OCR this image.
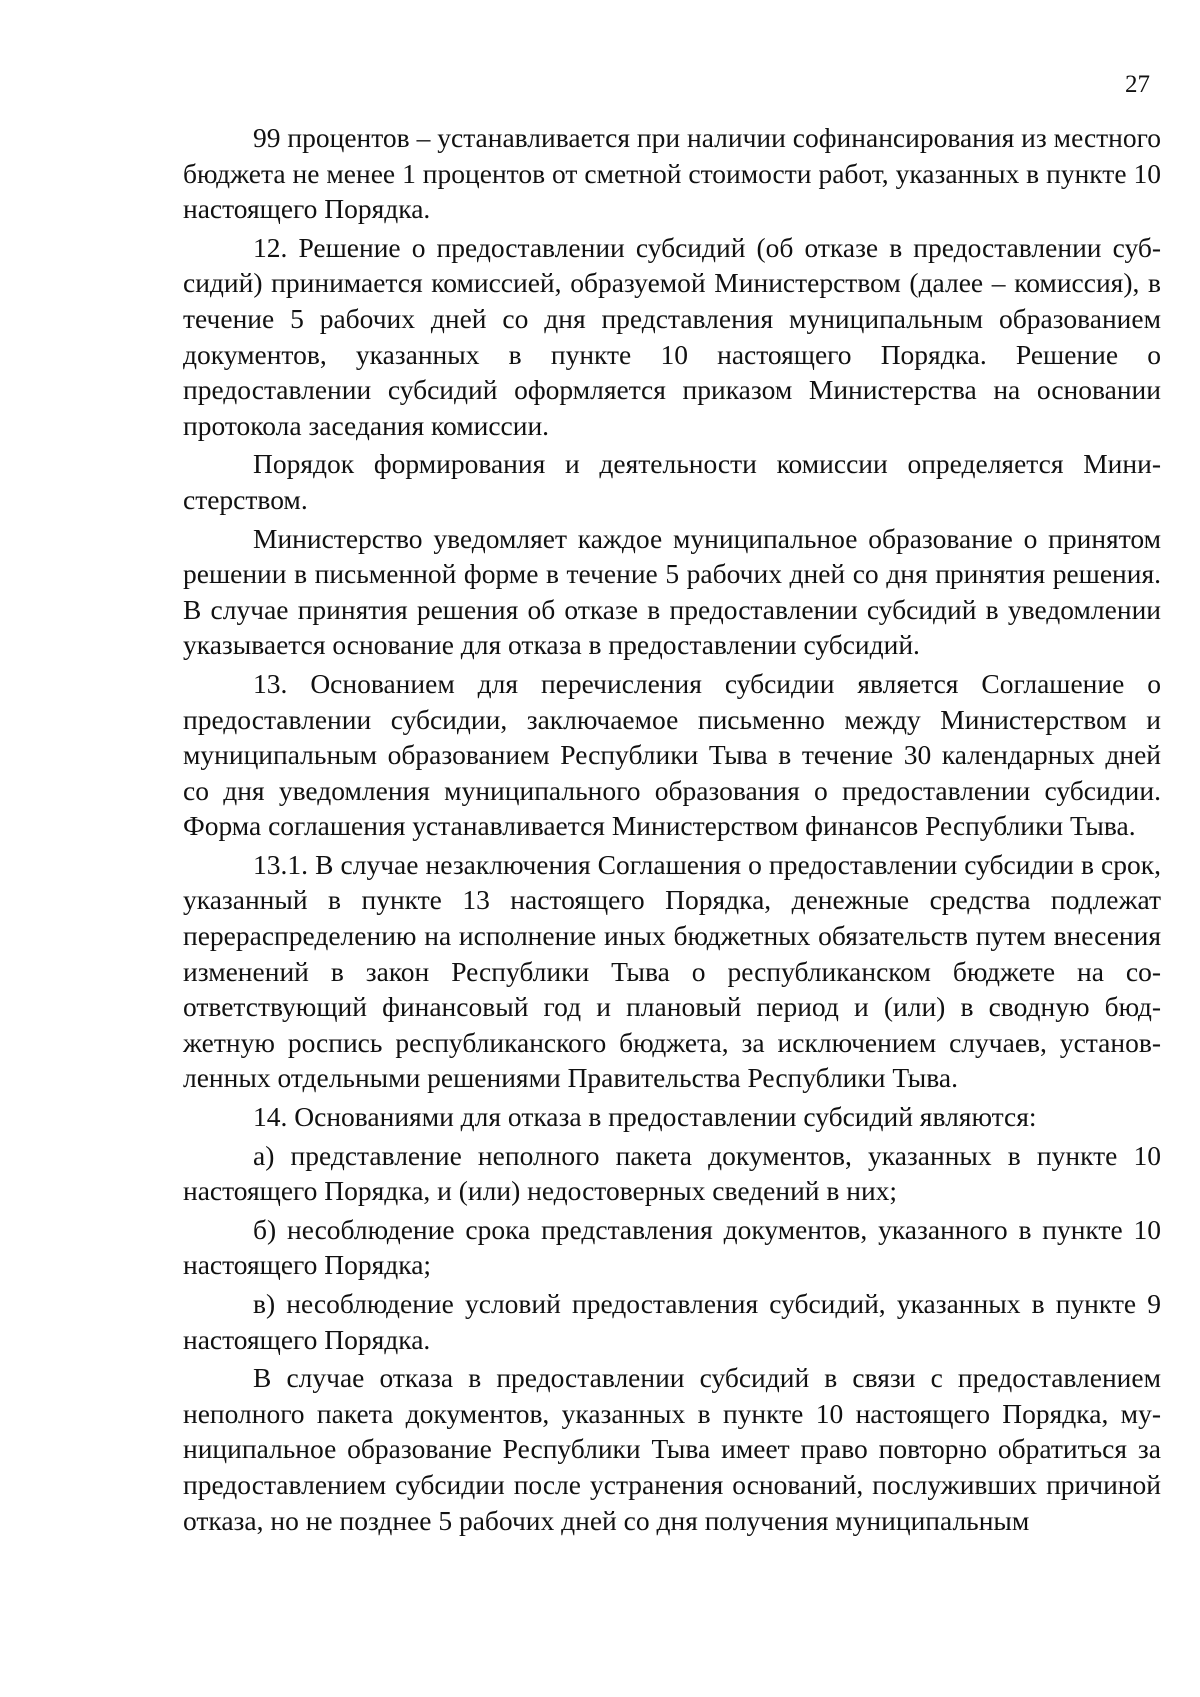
27

99 процентов – устанавливается при наличии софинансирования из местного бюджета не менее 1 процентов от сметной стоимости работ, указанных в пункте 10 настоящего Порядка.

12. Решение о предоставлении субсидий (об отказе в предоставлении субсидий) принимается комиссией, образуемой Министерством (далее – комиссия), в течение 5 рабочих дней со дня представления муниципальным образованием документов, указанных в пункте 10 настоящего Порядка. Решение о предоставлении субсидий оформляется приказом Министерства на основании протокола заседания комиссии.

Порядок формирования и деятельности комиссии определяется Министерством.

Министерство уведомляет каждое муниципальное образование о принятом решении в письменной форме в течение 5 рабочих дней со дня принятия решения. В случае принятия решения об отказе в предоставлении субсидий в уведомлении указывается основание для отказа в предоставлении субсидий.

13. Основанием для перечисления субсидии является Соглашение о предоставлении субсидии, заключаемое письменно между Министерством и муниципальным образованием Республики Тыва в течение 30 календарных дней со дня уведомления муниципального образования о предоставлении субсидии. Форма соглашения устанавливается Министерством финансов Республики Тыва.

13.1. В случае незаключения Соглашения о предоставлении субсидии в срок, указанный в пункте 13 настоящего Порядка, денежные средства подлежат перераспределению на исполнение иных бюджетных обязательств путем внесения изменений в закон Республики Тыва о республиканском бюджете на соответствующий финансовый год и плановый период и (или) в сводную бюджетную роспись республиканского бюджета, за исключением случаев, установленных отдельными решениями Правительства Республики Тыва.

14. Основаниями для отказа в предоставлении субсидий являются:

а) представление неполного пакета документов, указанных в пункте 10 настоящего Порядка, и (или) недостоверных сведений в них;

б) несоблюдение срока представления документов, указанного в пункте 10 настоящего Порядка;

в) несоблюдение условий предоставления субсидий, указанных в пункте 9 настоящего Порядка.

В случае отказа в предоставлении субсидий в связи с предоставлением неполного пакета документов, указанных в пункте 10 настоящего Порядка, муниципальное образование Республики Тыва имеет право повторно обратиться за предоставлением субсидии после устранения оснований, послуживших причиной отказа, но не позднее 5 рабочих дней со дня получения муниципальным
